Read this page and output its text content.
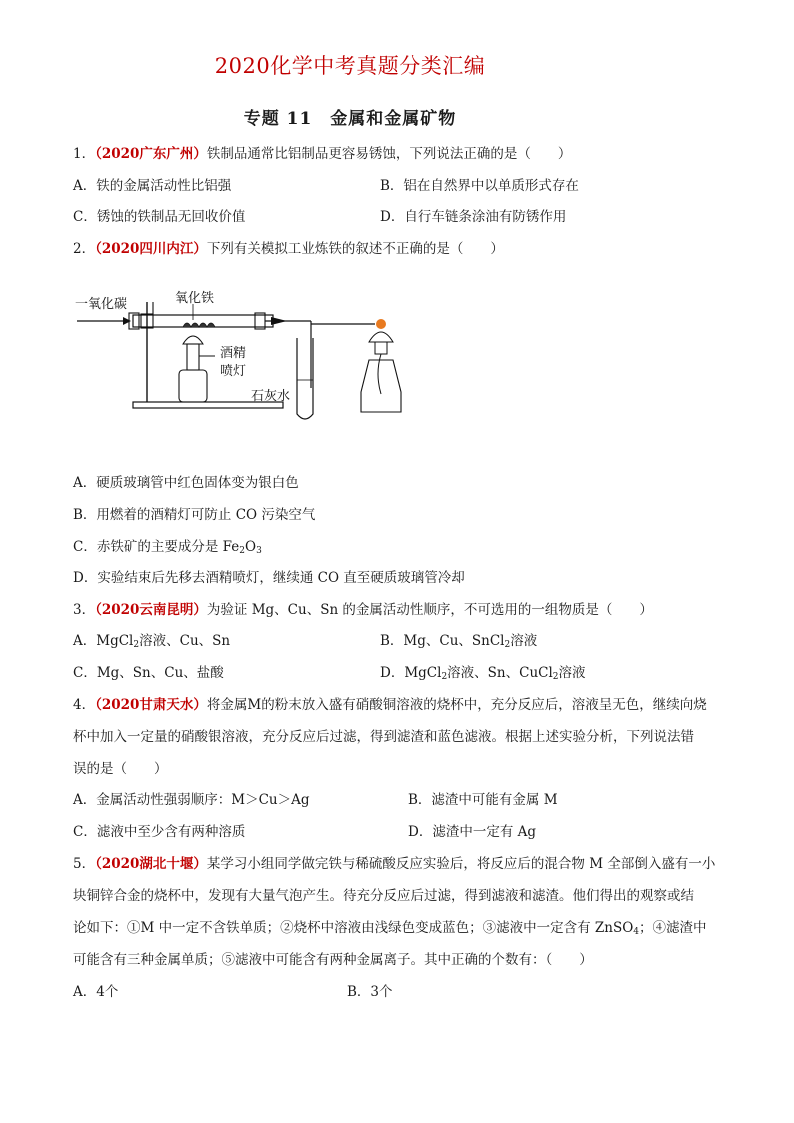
2020化学中考真题分类汇编
专题 11　金属和金属矿物
1．（2020广东广州）铁制品通常比铝制品更容易锈蚀，下列说法正确的是（　　）
A．铁的金属活动性比铝强	B．铝在自然界中以单质形式存在
C．锈蚀的铁制品无回收价值	D．自行车链条涂油有防锈作用
2．（2020四川内江）下列有关模拟工业炼铁的叙述不正确的是（　　）
一氧化碳	氧化铁
酒精
喷灯
石灰水
A．硬质玻璃管中红色固体变为银白色
B．用燃着的酒精灯可防止 CO 污染空气
C．赤铁矿的主要成分是 $Fe_2O_3$
D．实验结束后先移去酒精喷灯，继续通 CO 直至硬质玻璃管冷却
3．（2020云南昆明）为验证 Mg、Cu、Sn 的金属活动性顺序，不可选用的一组物质是（　　）
A．MgCl$_2$溶液、Cu、Sn	B．Mg、Cu、SnCl$_2$溶液
C．Mg、Sn、Cu、盐酸	D．MgCl$_2$溶液、Sn、CuCl$_2$溶液
4．（2020甘肃天水）将金属M的粉末放入盛有硝酸铜溶液的烧杯中，充分反应后，溶液呈无色，继续向烧
杯中加入一定量的硝酸银溶液，充分反应后过滤，得到滤渣和蓝色滤液。根据上述实验分析，下列说法错
误的是（　　）
A．金属活动性强弱顺序：M＞Cu＞Ag	B．滤渣中可能有金属 M
C．滤液中至少含有两种溶质	D．滤渣中一定有 Ag
5．（2020湖北十堰）某学习小组同学做完铁与稀硫酸反应实验后，将反应后的混合物 M 全部倒入盛有一小
块铜锌合金的烧杯中，发现有大量气泡产生。待充分反应后过滤，得到滤液和滤渣。他们得出的观察或结
论如下：①M 中一定不含铁单质；②烧杯中溶液由浅绿色变成蓝色；③滤液中一定含有 ZnSO$_4$；④滤渣中
可能含有三种金属单质；⑤滤液中可能含有两种金属离子。其中正确的个数有：（　　）
A．4个	B．3个
